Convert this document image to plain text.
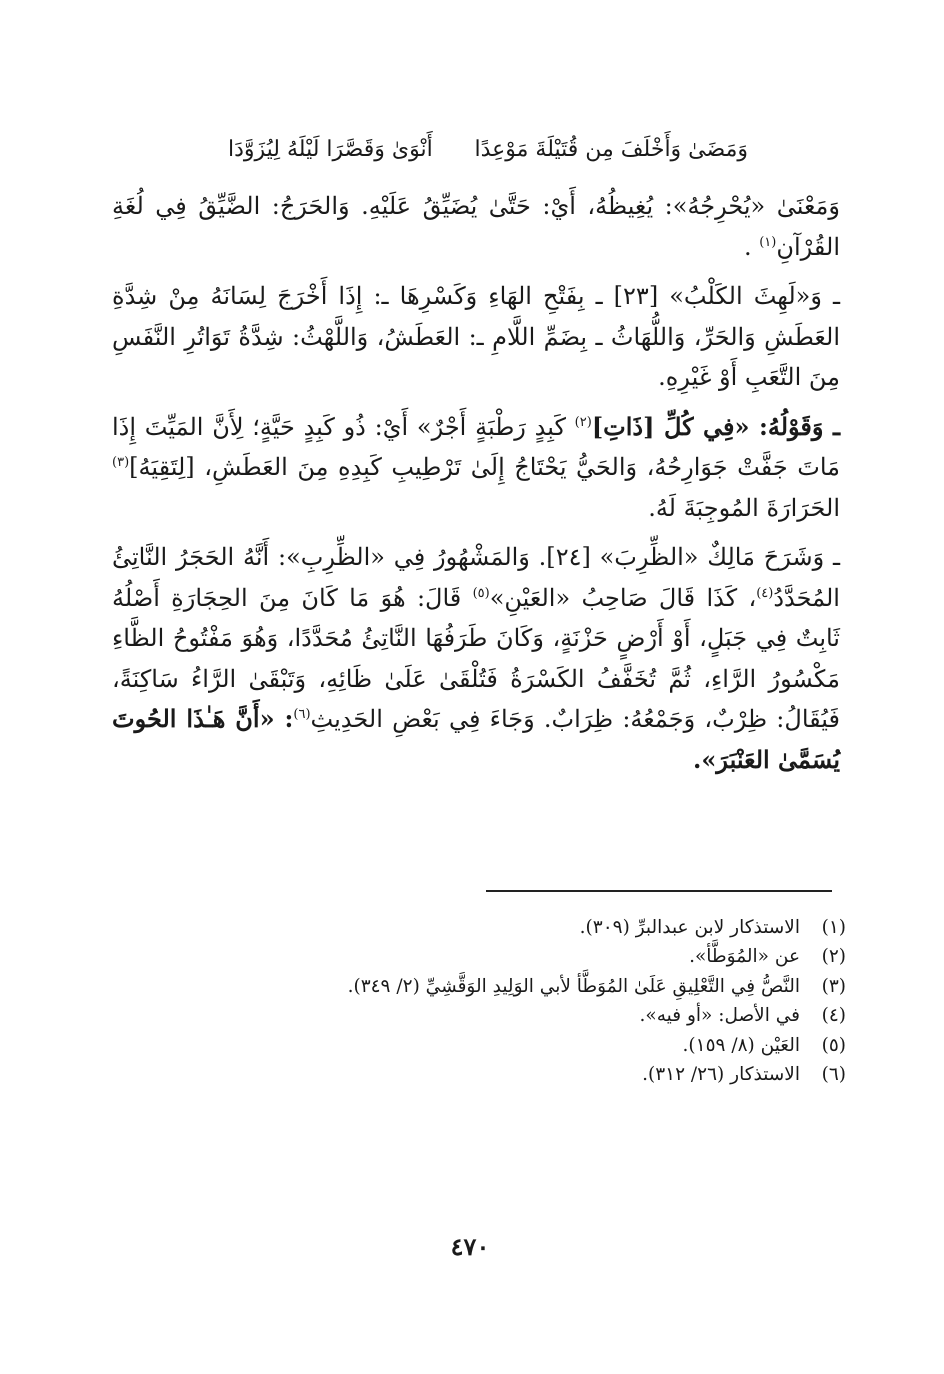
وَمَضَىٰ وَأَخْلَفَ مِن قُتَيْلَةَ مَوْعِدًا
أَنْوَىٰ وَقَصَّرَا لَيْلَهُ لِيُزَوَّدَا

وَمَعْنَىٰ «يُحْرِجُهُ»: يُغِيظُهُ، أَيْ: حَتَّىٰ يُضَيِّقُ عَلَيْهِ. وَالحَرَجُ: الضَّيِّقُ فِي لُغَةِ القُرْآنِ$^{(١)}$ .

ـ وَ«لَهِثَ الكَلْبُ» [٢٣] ـ بِفَتْحِ الهَاءِ وَكَسْرِهَا ـ: إِذَا أَخْرَجَ لِسَانَهُ مِنْ شِدَّةِ العَطَشِ وَالحَرِّ، وَاللُّهَاثُ ـ بِضَمِّ اللَّامِ ـ: العَطَشُ، وَاللَّهْثُ: شِدَّةُ تَوَاتُرِ النَّفَسِ مِنَ التَّعَبِ أَوْ غَيْرِهِ.

ـ وَقَوْلُهُ: «فِي كُلِّ [ذَاتِ]$^{(٢)}$ كَبِدٍ رَطْبَةٍ أَجْرٌ» أَيْ: ذُو كَبِدٍ حَيَّةٍ؛ لِأَنَّ المَيِّتَ إِذَا مَاتَ جَفَّتْ جَوَارِحُهُ، وَالحَيُّ يَحْتَاجُ إِلَىٰ تَرْطِيبِ كَبِدِهِ مِنَ العَطَشِ، [لِتَقِيَهُ]$^{(٣)}$ الحَرَارَةَ المُوجِبَةَ لَهُ.

ـ وَشَرَحَ مَالِكٌ «الظِّرِبَ» [٢٤]. وَالمَشْهُورُ فِي «الظِّرِبِ»: أَنَّهُ الحَجَرُ النَّاتِئُ المُحَدَّدُ$^{(٤)}$، كَذَا قَالَ صَاحِبُ «العَيْنِ»$^{(٥)}$ قَالَ: هُوَ مَا كَانَ مِنَ الحِجَارَةِ أَصْلُهُ ثَابِتٌ فِي جَبَلٍ، أَوْ أَرْضٍ حَزْنَةٍ، وَكَانَ طَرَفُهَا النَّاتِئُ مُحَدَّدًا، وَهُوَ مَفْتُوحُ الظَّاءِ مَكْسُورُ الرَّاءِ، ثُمَّ تُخَفَّفُ الكَسْرَةُ فَتُلْقَىٰ عَلَىٰ ظَائِهِ، وَتَبْقَىٰ الرَّاءُ سَاكِنَةً، فَيُقَالُ: ظِرْبٌ، وَجَمْعُهُ: ظِرَابٌ. وَجَاءَ فِي بَعْضِ الحَدِيثِ$^{(٦)}$: «أَنَّ هَـٰذَا الحُوتَ يُسَمَّىٰ العَنْبَرَ».

(١)الاستذكار لابن عبدالبرِّ (٣٠٩).
(٢)عن «المُوَطَّأ».
(٣)النَّصُّ فِي التَّعْلِيقِ عَلَىٰ المُوَطَّأ لأبي الوَلِيدِ الوَقَّشِيِّ (٢/ ٣٤٩).
(٤)في الأصل: «أو فيه».
(٥)العَيْن (٨/ ١٥٩).
(٦)الاستذكار (٢٦/ ٣١٢).
٤٧٠
